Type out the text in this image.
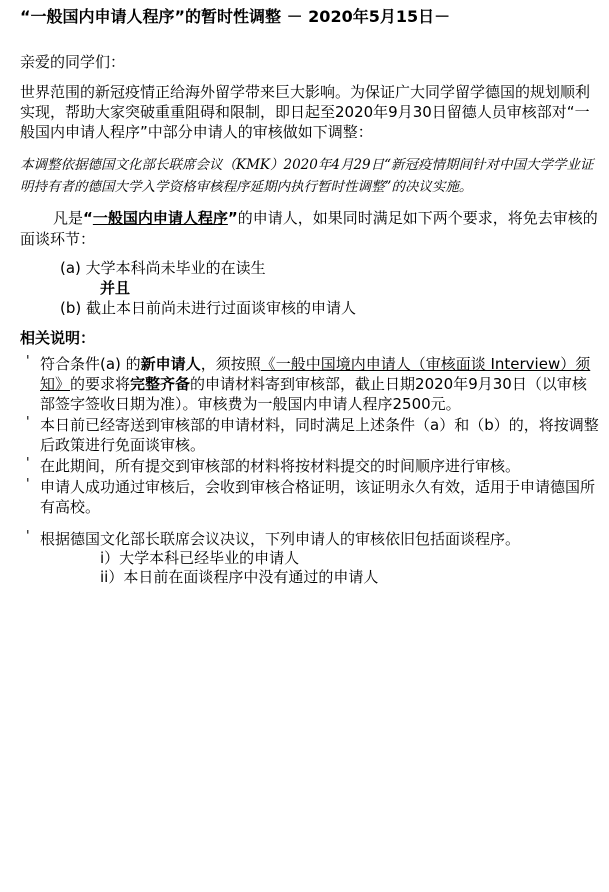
“一般国内申请人程序”的暂时性调整 － 2020年5月15日－

亲爱的同学们：

世界范围的新冠疫情正给海外留学带来巨大影响。为保证广大同学留学德国的规划顺利实现，帮助大家突破重重阻碍和限制，即日起至2020年9月30日留德人员审核部对“一般国内申请人程序”中部分申请人的审核做如下调整：

本调整依据德国文化部长联席会议（KMK）2020年4月29日“新冠疫情期间针对中国大学学业证明持有者的德国大学入学资格审核程序延期内执行暂时性调整”的决议实施。

凡是“一般国内申请人程序”的申请人，如果同时满足如下两个要求，将免去审核的面谈环节：

(a) 大学本科尚未毕业的在读生
并且
(b) 截止本日前尚未进行过面谈审核的申请人
相关说明：
' 符合条件(a) 的新申请人，须按照《一般中国境内申请人（审核面谈 Interview）须知》的要求将完整齐备的申请材料寄到审核部，截止日期2020年9月30日（以审核部签字签收日期为准）。审核费为一般国内申请人程序2500元。
' 本日前已经寄送到审核部的申请材料，同时满足上述条件（a）和（b）的，将按调整后政策进行免面谈审核。
' 在此期间，所有提交到审核部的材料将按材料提交的时间顺序进行审核。
' 申请人成功通过审核后，会收到审核合格证明，该证明永久有效，适用于申请德国所有高校。
' 根据德国文化部长联席会议决议，下列申请人的审核依旧包括面谈程序。
i）大学本科已经毕业的申请人
ii）本日前在面谈程序中没有通过的申请人
